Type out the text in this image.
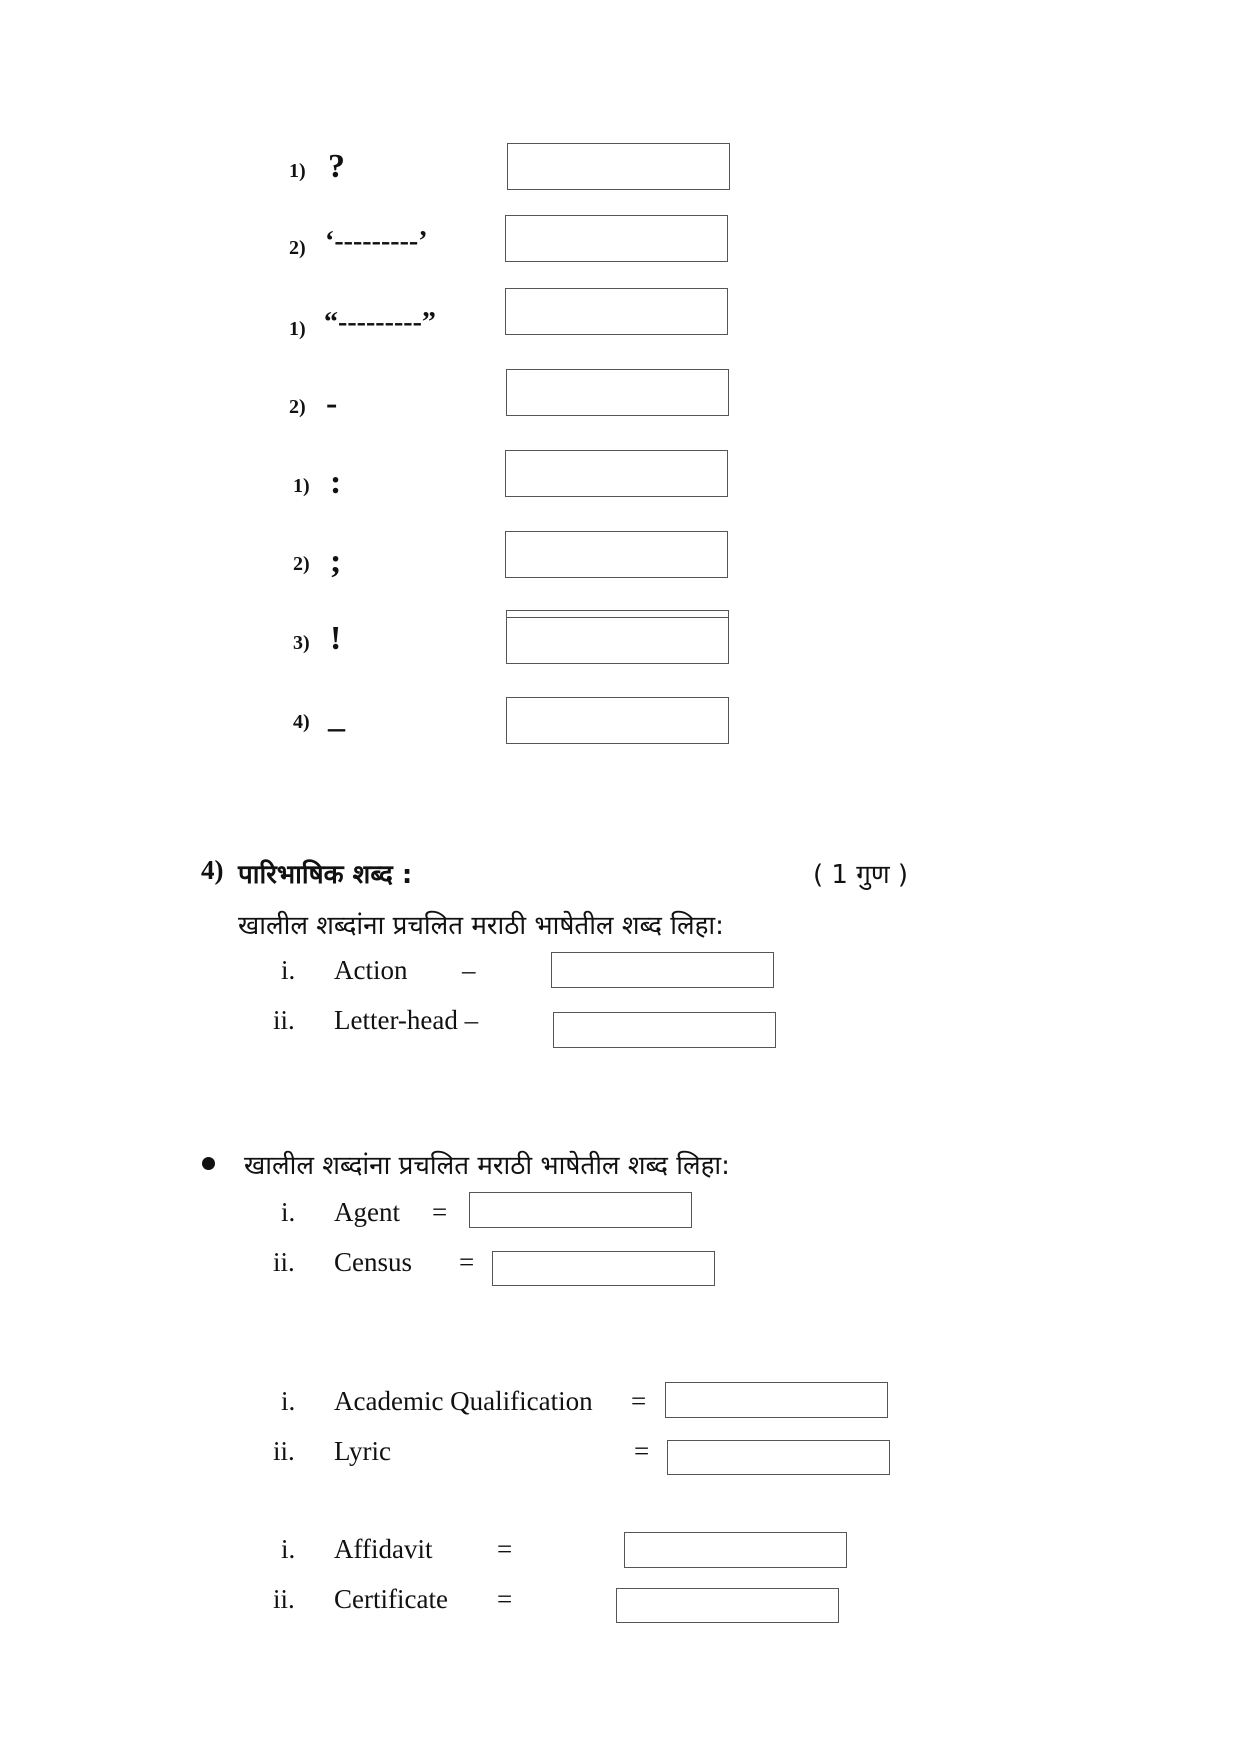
1) ?
2) ‘---------’
1) “---------”
2) -
1) :
2) ;
3) !
4) _
4) पारिभाषिक शब्द :	( 1 गुण )
खालील शब्दांना प्रचलित मराठी भाषेतील शब्द लिहा:
i. Action –
ii. Letter-head –
खालील शब्दांना प्रचलित मराठी भाषेतील शब्द लिहा:
i. Agent =
ii. Census =
i. Academic Qualification =
ii. Lyric	=
i. Affidavit =
ii. Certificate =
